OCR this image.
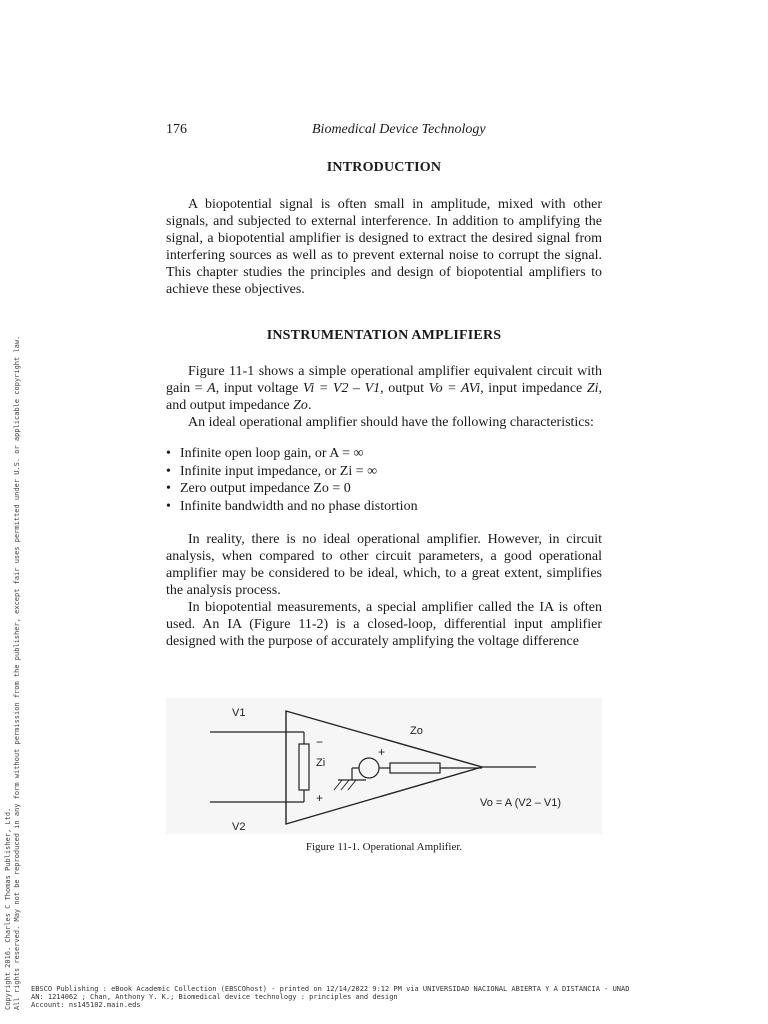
176	Biomedical Device Technology
INTRODUCTION

A biopotential signal is often small in amplitude, mixed with other signals, and subjected to external interference. In addition to amplifying the signal, a biopotential amplifier is designed to extract the desired signal from interfering sources as well as to prevent external noise to corrupt the signal. This chapter studies the principles and design of biopotential amplifiers to achieve these objectives.

INSTRUMENTATION AMPLIFIERS

Figure 11-1 shows a simple operational amplifier equivalent circuit with gain = A, input voltage Vi = V2 – V1, output Vo = AVi, input impedance Zi, and output impedance Zo.

An ideal operational amplifier should have the following characteristics:

• Infinite open loop gain, or A = ∞
• Infinite input impedance, or Zi = ∞
• Zero output impedance Zo = 0
• Infinite bandwidth and no phase distortion

In reality, there is no ideal operational amplifier. However, in circuit analysis, when compared to other circuit parameters, a good operational amplifier may be considered to be ideal, which, to a great extent, simplifies the analysis process.

In biopotential measurements, a special amplifier called the IA is often used. An IA (Figure 11-2) is a closed-loop, differential input amplifier designed with the purpose of accurately amplifying the voltage difference

V1
V2
Zo
Zi
−
+
+	Vo = A (V2 – V1)
Figure 11-1. Operational Amplifier.
Copyright 2016. Charles C Thomas Publisher, Ltd. All rights reserved. May not be reproduced in any form without permission from the publisher, except fair uses permitted under U.S. or applicable copyright law. EBSCO Publishing : eBook Academic Collection (EBSCOhost) - printed on 12/14/2022 9:12 PM via UNIVERSIDAD NACIONAL ABIERTA Y A DISTANCIA - UNAD
AN: 1214062 ; Chan, Anthony Y. K.; Biomedical device technology : principles and design
Account: ns145102.main.eds
